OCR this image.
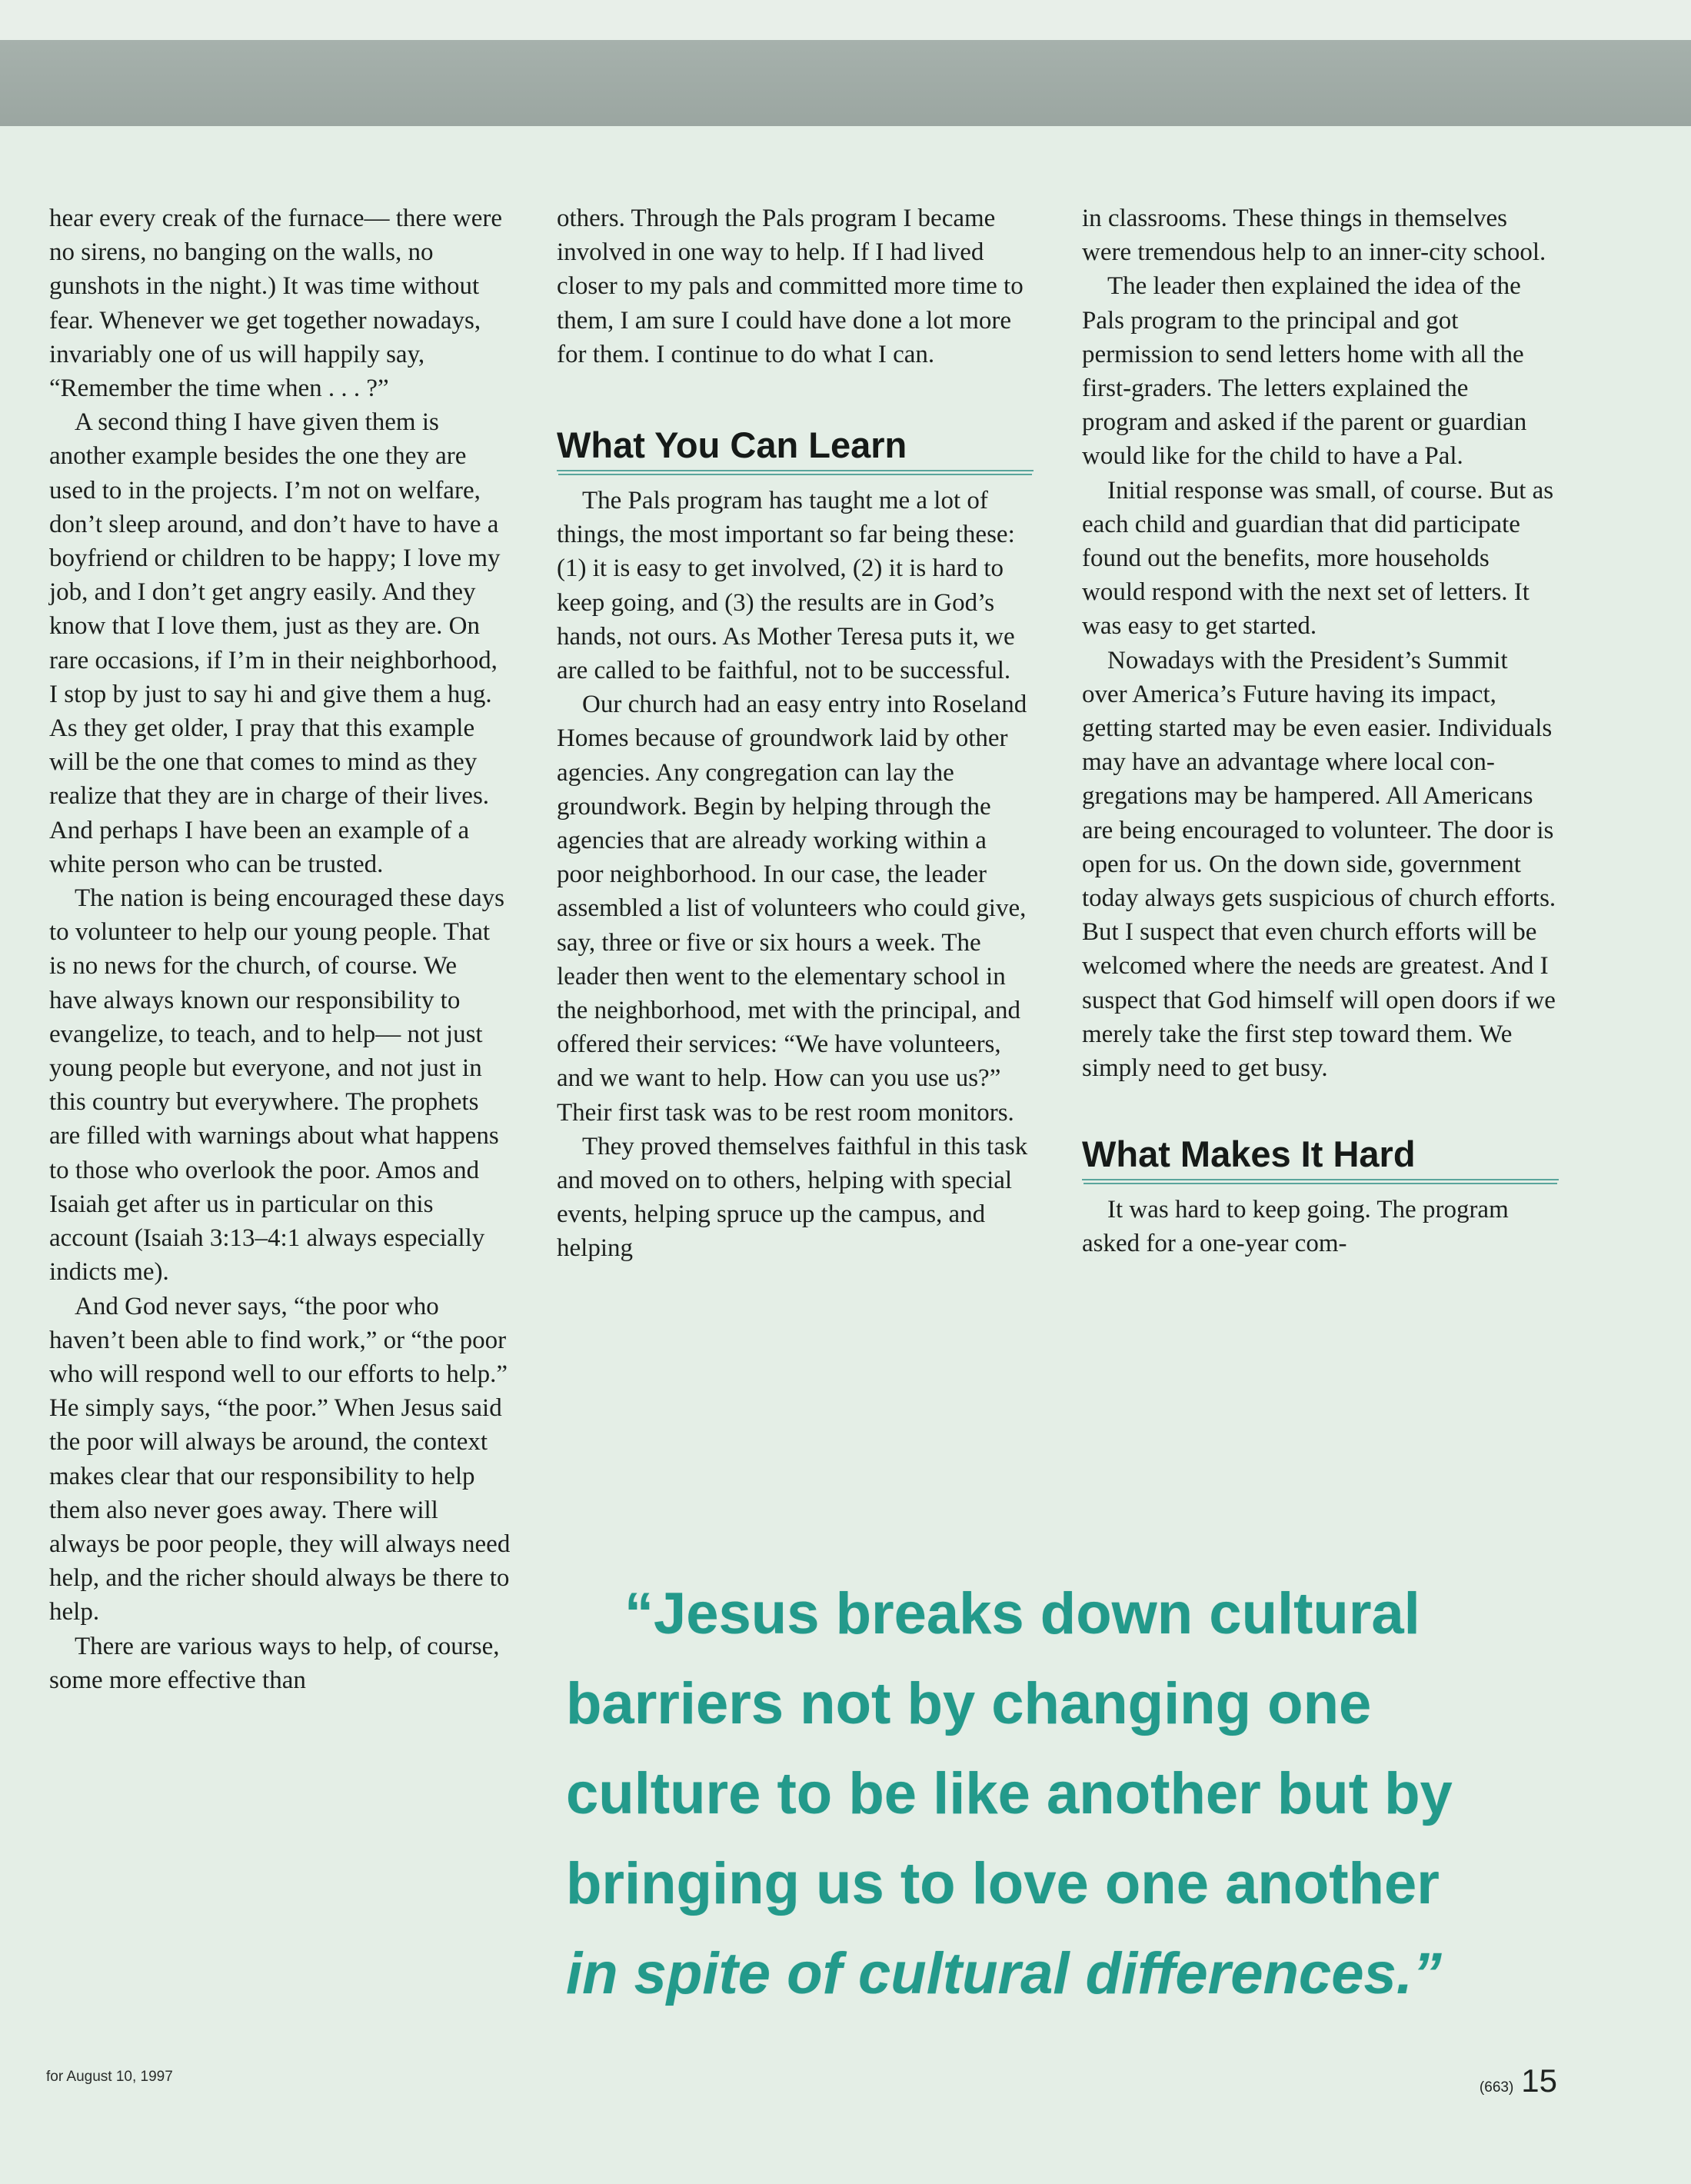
hear every creak of the furnace— there were no sirens, no banging on the walls, no gunshots in the night.) It was time without fear. Whenever we get together nowadays, invariably one of us will happily say, “Remember the time when . . . ?”

A second thing I have given them is another example besides the one they are used to in the projects. I’m not on welfare, don’t sleep around, and don’t have to have a boyfriend or children to be happy; I love my job, and I don’t get angry easily. And they know that I love them, just as they are. On rare occasions, if I’m in their neighborhood, I stop by just to say hi and give them a hug. As they get older, I pray that this example will be the one that comes to mind as they realize that they are in charge of their lives. And perhaps I have been an example of a white person who can be trusted.

The nation is being encouraged these days to volunteer to help our young people. That is no news for the church, of course. We have always known our responsibility to evangelize, to teach, and to help— not just young people but everyone, and not just in this country but everywhere. The prophets are filled with warnings about what happens to those who overlook the poor. Amos and Isaiah get after us in particular on this account (Isaiah 3:13–4:1 always especially indicts me).

And God never says, “the poor who haven’t been able to find work,” or “the poor who will respond well to our efforts to help.” He simply says, “the poor.” When Jesus said the poor will always be around, the context makes clear that our responsibility to help them also never goes away. There will always be poor people, they will always need help, and the richer should always be there to help.

There are various ways to help, of course, some more effective than

others. Through the Pals program I became involved in one way to help. If I had lived closer to my pals and committed more time to them, I am sure I could have done a lot more for them. I continue to do what I can.

What You Can Learn

The Pals program has taught me a lot of things, the most important so far being these: (1) it is easy to get involved, (2) it is hard to keep going, and (3) the results are in God’s hands, not ours. As Mother Teresa puts it, we are called to be faithful, not to be successful.

Our church had an easy entry into Roseland Homes because of groundwork laid by other agencies. Any congregation can lay the groundwork. Begin by helping through the agencies that are already working within a poor neighborhood. In our case, the leader assembled a list of volunteers who could give, say, three or five or six hours a week. The leader then went to the elementary school in the neighborhood, met with the principal, and offered their services: “We have volunteers, and we want to help. How can you use us?” Their first task was to be rest room monitors.

They proved themselves faithful in this task and moved on to others, helping with special events, helping spruce up the campus, and helping

in classrooms. These things in themselves were tremendous help to an inner-city school.

The leader then explained the idea of the Pals program to the principal and got permission to send letters home with all the first-graders. The letters explained the program and asked if the parent or guardian would like for the child to have a Pal.

Initial response was small, of course. But as each child and guardian that did participate found out the benefits, more households would respond with the next set of letters. It was easy to get started.

Nowadays with the President’s Summit over America’s Future having its impact, getting started may be even easier. Individuals may have an advantage where local congregations may be hampered. All Americans are being encouraged to volunteer. The door is open for us. On the down side, government today always gets suspicious of church efforts. But I suspect that even church efforts will be welcomed where the needs are greatest. And I suspect that God himself will open doors if we merely take the first step toward them. We simply need to get busy.

What Makes It Hard

It was hard to keep going. The program asked for a one-year com-

“Jesus breaks down cultural
barriers not by changing one
culture to be like another but by
bringing us to love one another
in spite of cultural differences.”
for August 10, 1997
(663) 15
